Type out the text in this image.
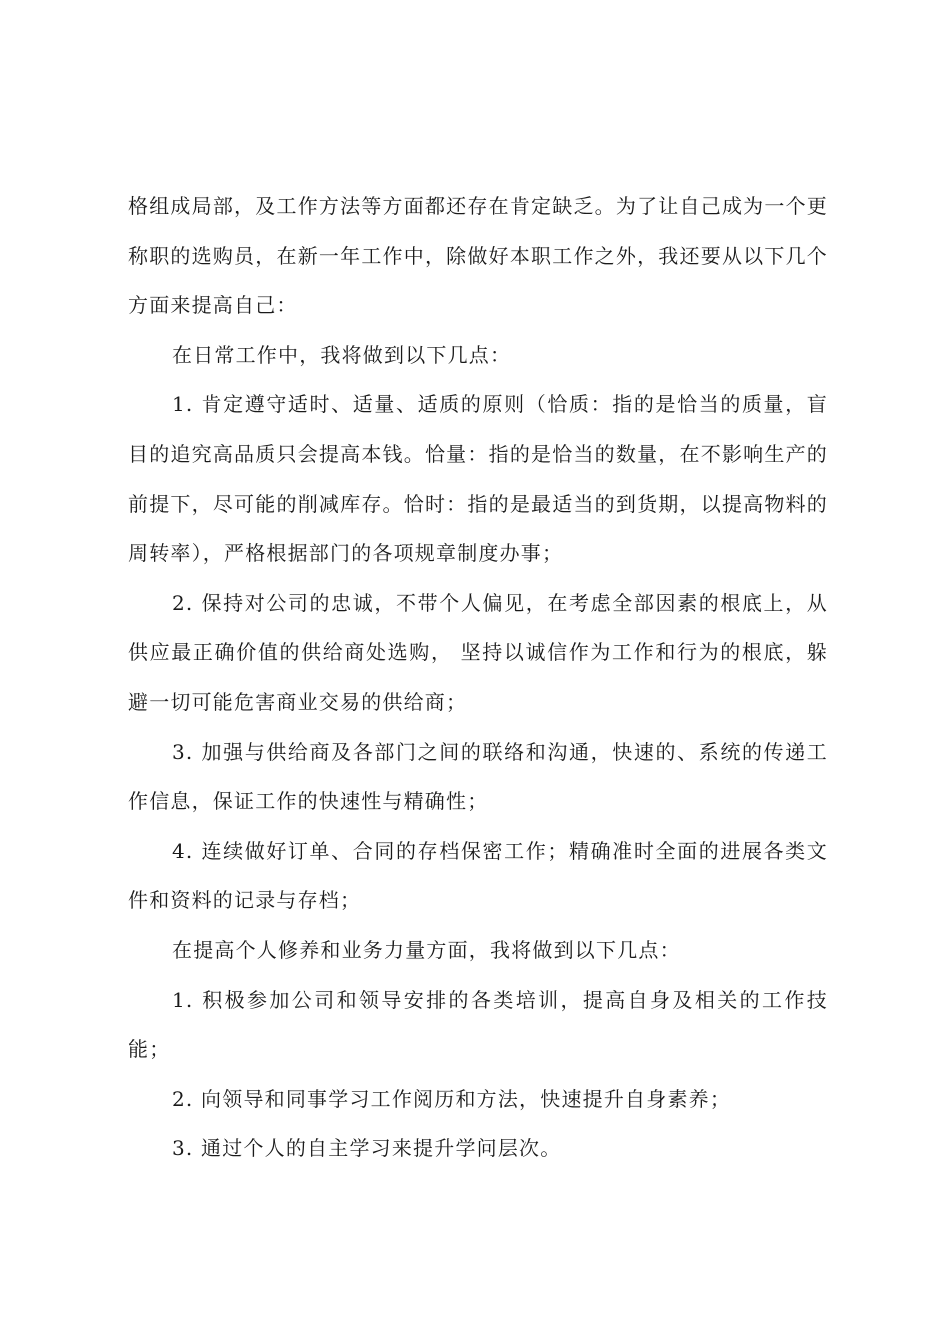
格组成局部，及工作方法等方面都还存在肯定缺乏。为了让自己成为一个更称职的选购员，在新一年工作中，除做好本职工作之外，我还要从以下几个方面来提高自己：

在日常工作中，我将做到以下几点：

1. 肯定遵守适时、适量、适质的原则（恰质：指的是恰当的质量，盲目的追究高品质只会提高本钱。恰量：指的是恰当的数量，在不影响生产的前提下，尽可能的削减库存。恰时：指的是最适当的到货期，以提高物料的周转率），严格根据部门的各项规章制度办事；

2. 保持对公司的忠诚，不带个人偏见，在考虑全部因素的根底上，从供应最正确价值的供给商处选购， 坚持以诚信作为工作和行为的根底，躲避一切可能危害商业交易的供给商；

3. 加强与供给商及各部门之间的联络和沟通，快速的、系统的传递工作信息，保证工作的快速性与精确性；

4. 连续做好订单、合同的存档保密工作；精确准时全面的进展各类文件和资料的记录与存档；

在提高个人修养和业务力量方面，我将做到以下几点：

1. 积极参加公司和领导安排的各类培训，提高自身及相关的工作技能；

2. 向领导和同事学习工作阅历和方法，快速提升自身素养；

3. 通过个人的自主学习来提升学问层次。
